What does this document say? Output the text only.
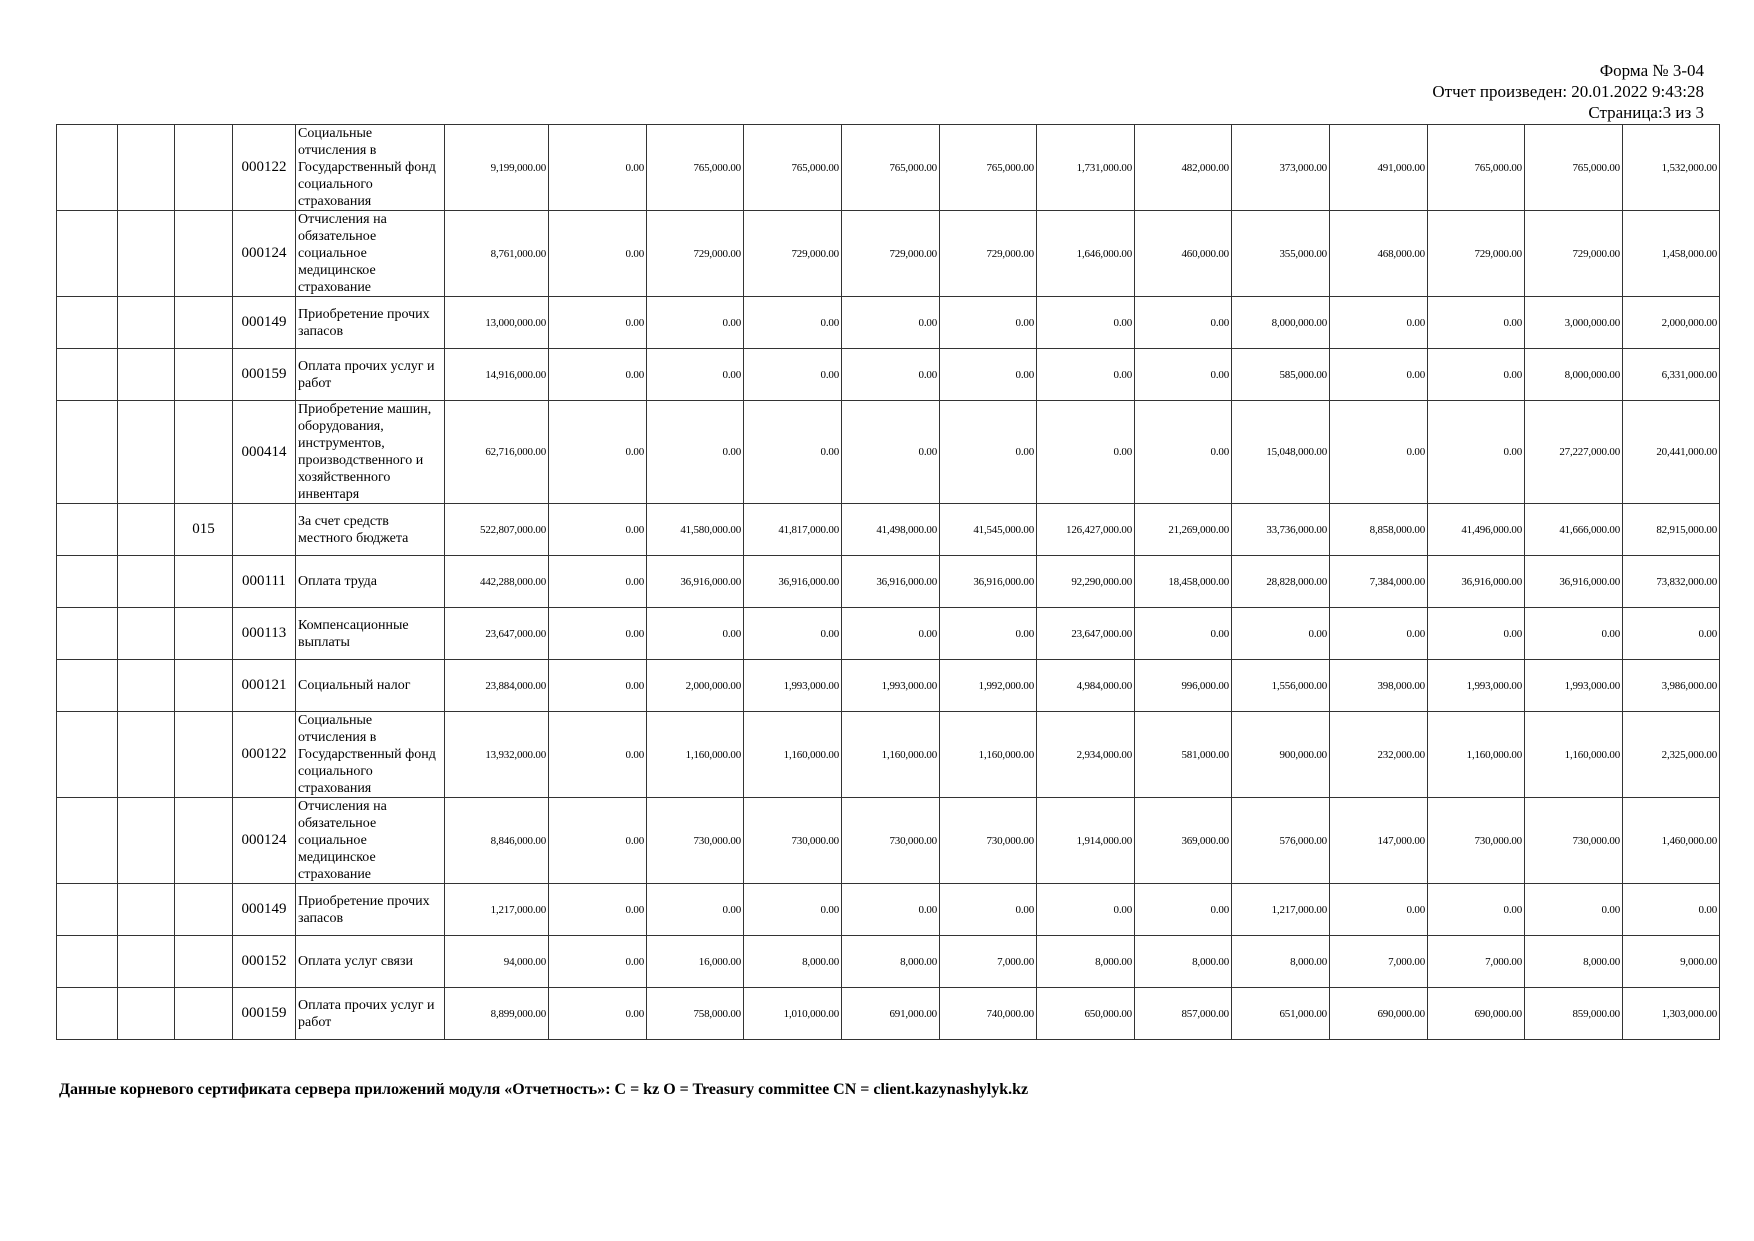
Форма № 3-04
Отчет произведен: 20.01.2022 9:43:28
Страница:3 из 3
			000122	Социальные отчисления в Государственный фонд социального страхования	9,199,000.00	0.00	765,000.00	765,000.00	765,000.00	765,000.00	1,731,000.00	482,000.00	373,000.00	491,000.00	765,000.00	765,000.00	1,532,000.00
			000124	Отчисления на обязательное социальное медицинское страхование	8,761,000.00	0.00	729,000.00	729,000.00	729,000.00	729,000.00	1,646,000.00	460,000.00	355,000.00	468,000.00	729,000.00	729,000.00	1,458,000.00
			000149	Приобретение прочих запасов	13,000,000.00	0.00	0.00	0.00	0.00	0.00	0.00	0.00	8,000,000.00	0.00	0.00	3,000,000.00	2,000,000.00
			000159	Оплата прочих услуг и работ	14,916,000.00	0.00	0.00	0.00	0.00	0.00	0.00	0.00	585,000.00	0.00	0.00	8,000,000.00	6,331,000.00
			000414	Приобретение машин, оборудования, инструментов, производственного и хозяйственного инвентаря	62,716,000.00	0.00	0.00	0.00	0.00	0.00	0.00	0.00	15,048,000.00	0.00	0.00	27,227,000.00	20,441,000.00
		015		За счет средств местного бюджета	522,807,000.00	0.00	41,580,000.00	41,817,000.00	41,498,000.00	41,545,000.00	126,427,000.00	21,269,000.00	33,736,000.00	8,858,000.00	41,496,000.00	41,666,000.00	82,915,000.00
			000111	Оплата труда	442,288,000.00	0.00	36,916,000.00	36,916,000.00	36,916,000.00	36,916,000.00	92,290,000.00	18,458,000.00	28,828,000.00	7,384,000.00	36,916,000.00	36,916,000.00	73,832,000.00
			000113	Компенсационные выплаты	23,647,000.00	0.00	0.00	0.00	0.00	0.00	23,647,000.00	0.00	0.00	0.00	0.00	0.00	0.00
			000121	Социальный налог	23,884,000.00	0.00	2,000,000.00	1,993,000.00	1,993,000.00	1,992,000.00	4,984,000.00	996,000.00	1,556,000.00	398,000.00	1,993,000.00	1,993,000.00	3,986,000.00
			000122	Социальные отчисления в Государственный фонд социального страхования	13,932,000.00	0.00	1,160,000.00	1,160,000.00	1,160,000.00	1,160,000.00	2,934,000.00	581,000.00	900,000.00	232,000.00	1,160,000.00	1,160,000.00	2,325,000.00
			000124	Отчисления на обязательное социальное медицинское страхование	8,846,000.00	0.00	730,000.00	730,000.00	730,000.00	730,000.00	1,914,000.00	369,000.00	576,000.00	147,000.00	730,000.00	730,000.00	1,460,000.00
			000149	Приобретение прочих запасов	1,217,000.00	0.00	0.00	0.00	0.00	0.00	0.00	0.00	1,217,000.00	0.00	0.00	0.00	0.00
			000152	Оплата услуг связи	94,000.00	0.00	16,000.00	8,000.00	8,000.00	7,000.00	8,000.00	8,000.00	8,000.00	7,000.00	7,000.00	8,000.00	9,000.00
			000159	Оплата прочих услуг и работ	8,899,000.00	0.00	758,000.00	1,010,000.00	691,000.00	740,000.00	650,000.00	857,000.00	651,000.00	690,000.00	690,000.00	859,000.00	1,303,000.00
Данные корневого сертификата сервера приложений модуля «Отчетность»: C = kz O = Treasury committee CN = client.kazynashylyk.kz
